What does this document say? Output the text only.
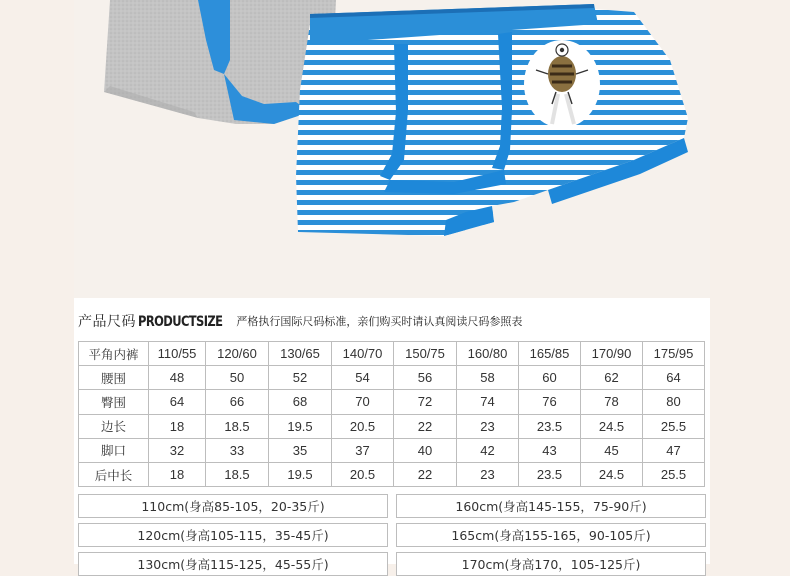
产品尺码 PRODUCTSIZE 严格执行国际尺码标准，亲们购买时请认真阅读尺码参照表
平角内裤	110/55	120/60	130/65	140/70	150/75	160/80	165/85	170/90	175/95
腰围	48	50	52	54	56	58	60	62	64
臀围	64	66	68	70	72	74	76	78	80
边长	18	18.5	19.5	20.5	22	23	23.5	24.5	25.5
脚口	32	33	35	37	40	42	43	45	47
后中长	18	18.5	19.5	20.5	22	23	23.5	24.5	25.5
110cm(身高85-105，20-35斤)	160cm(身高145-155，75-90斤)
120cm(身高105-115，35-45斤)	165cm(身高155-165，90-105斤)
130cm(身高115-125，45-55斤)	170cm(身高170，105-125斤)
